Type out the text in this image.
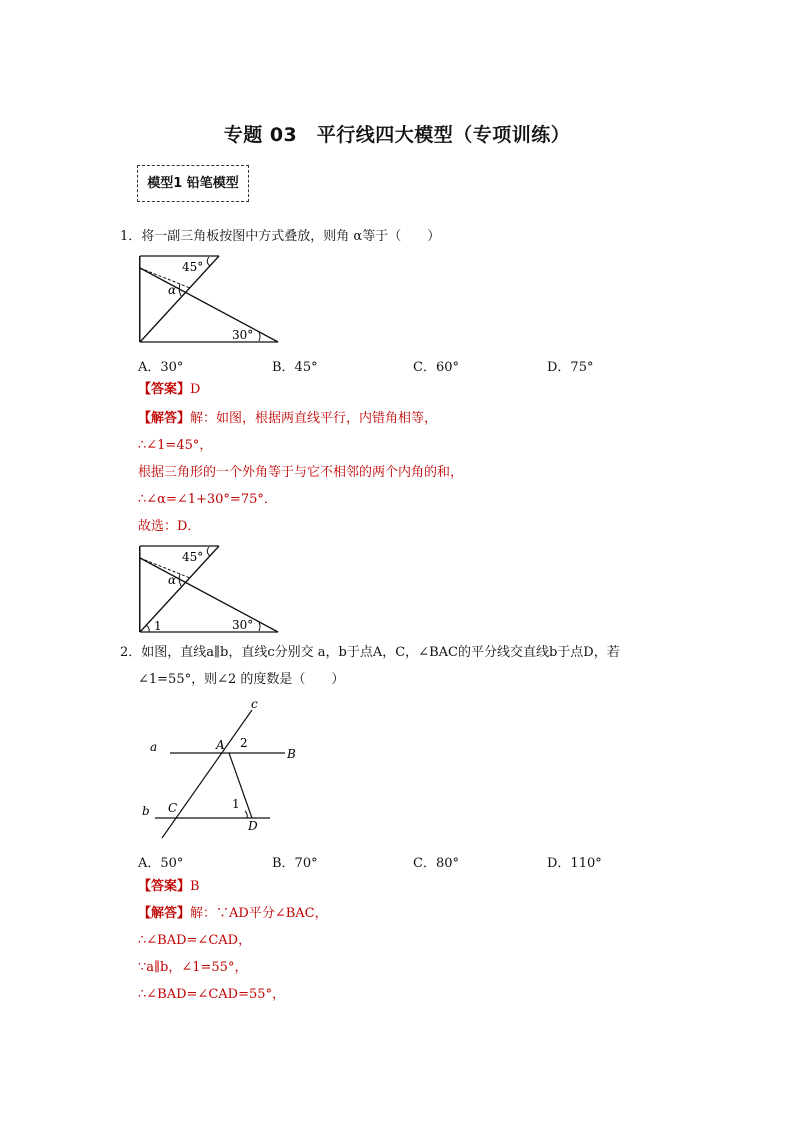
专题 03　平行线四大模型（专项训练）
模型1 铅笔模型
1．将一副三角板按图中方式叠放，则角 α等于（　　）
45°
α
30°
A．30°	B．45°	C．60°	D．75°
【答案】D
【解答】解：如图，根据两直线平行，内错角相等，
∴∠1=45°，
根据三角形的一个外角等于与它不相邻的两个内角的和，
∴∠α=∠1+30°=75°．
故选：D．
45°
α
30°
1
2．如图，直线a∥b，直线c分别交 a，b于点A，C，∠BAC的平分线交直线b于点D，若
∠1=55°，则∠2 的度数是（　　）
c
a	A 2
B
b C	1
D
A．50°	B．70°	C．80°	D．110°
【答案】B
【解答】解：∵AD平分∠BAC，
∴∠BAD=∠CAD，
∵a∥b，∠1=55°，
∴∠BAD=∠CAD=55°，
